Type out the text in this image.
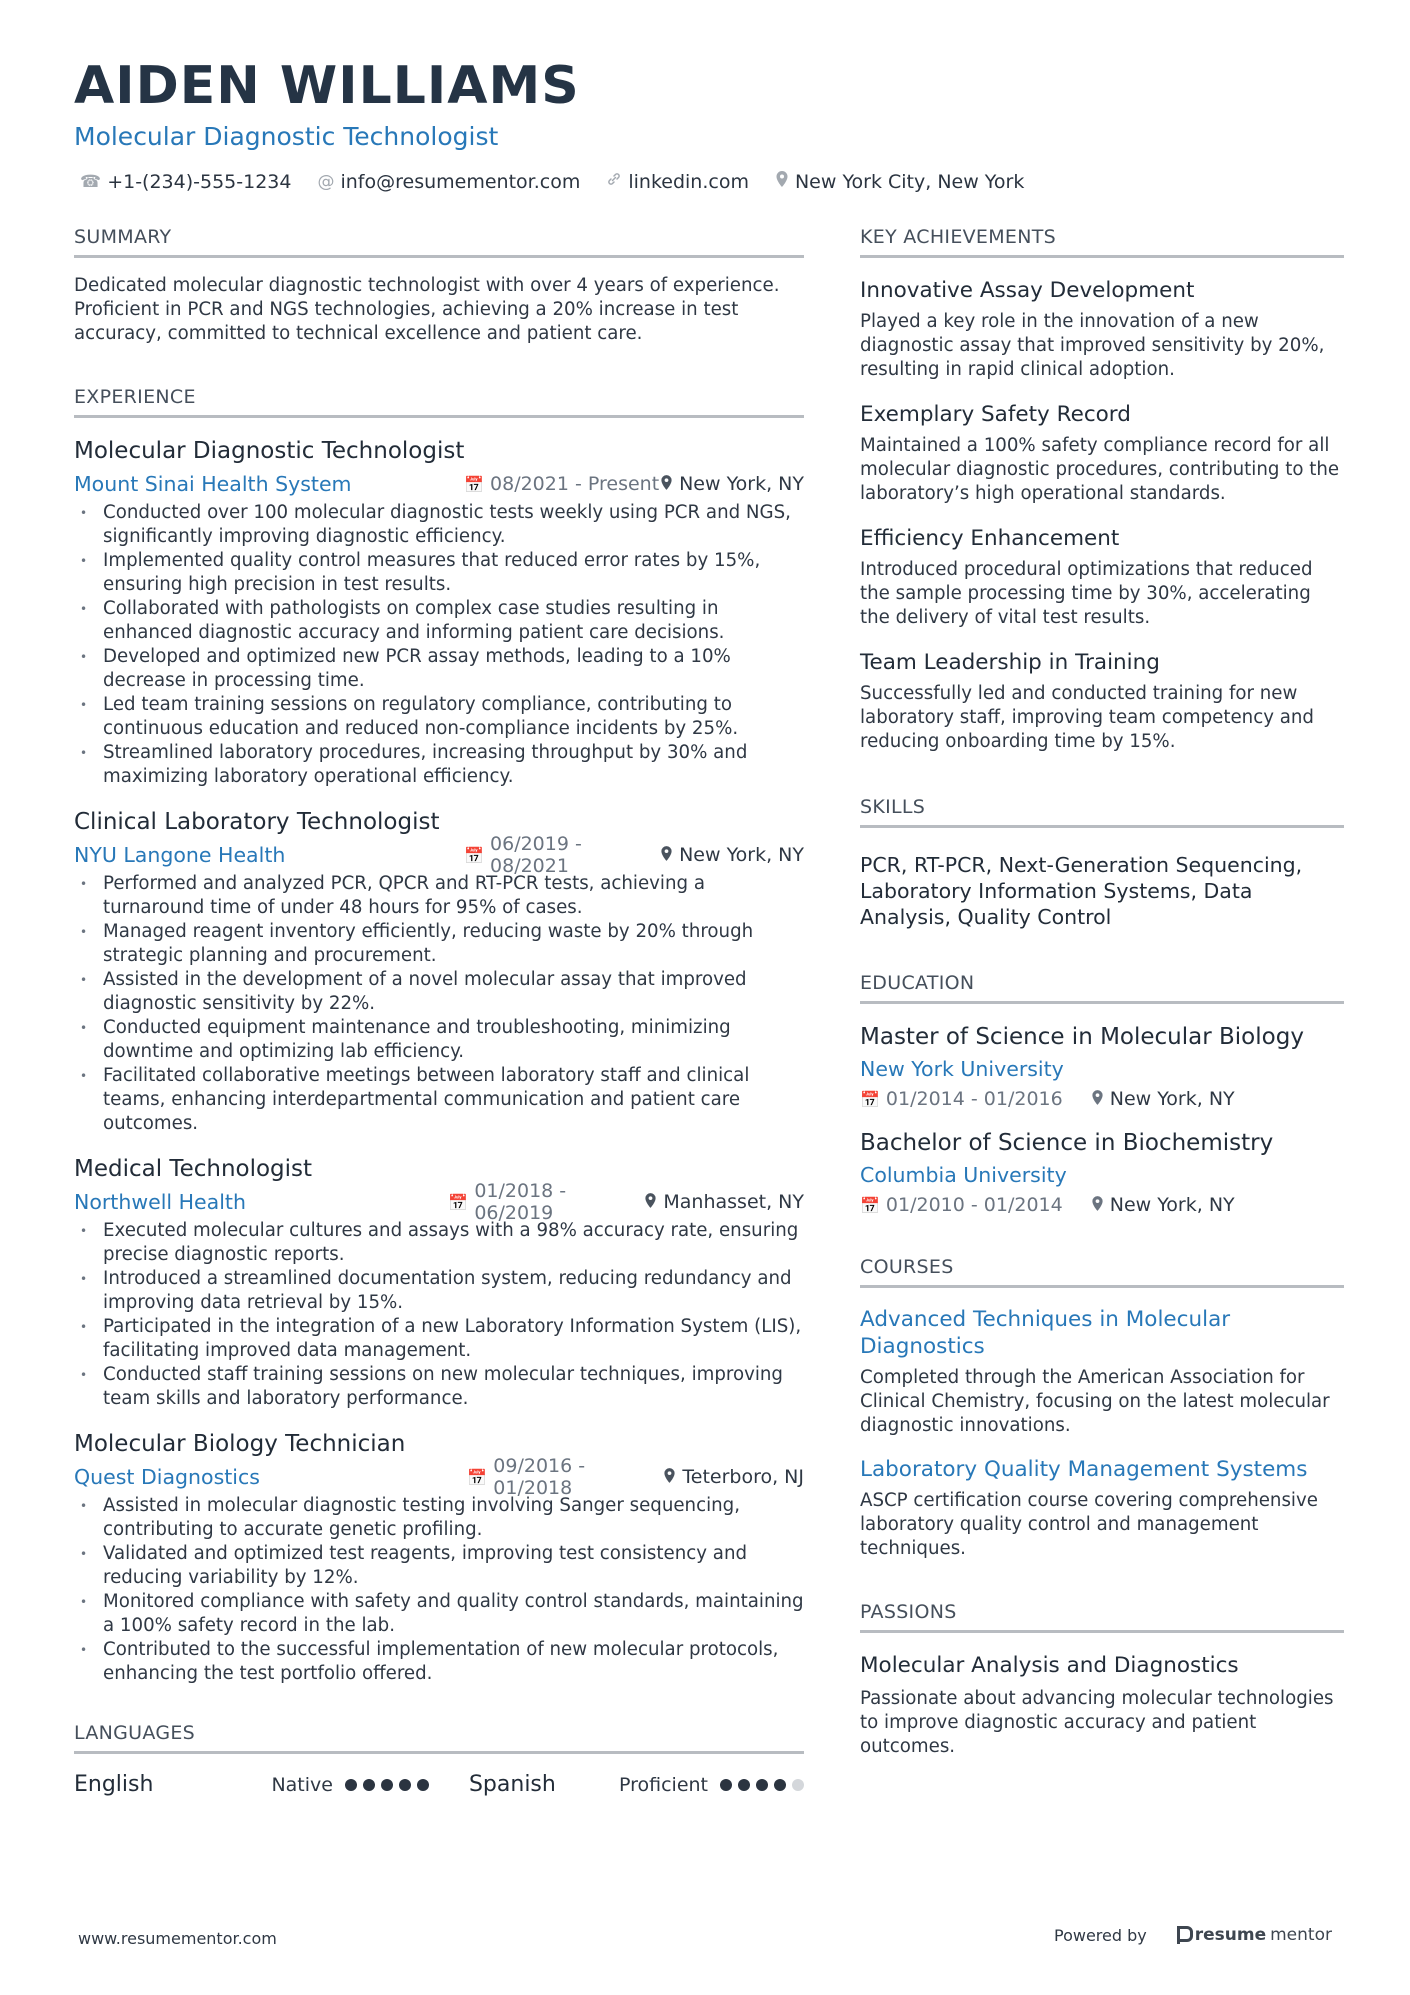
AIDEN WILLIAMS
Molecular Diagnostic Technologist
☎ +1-(234)-555-1234 @ info@resumementor.com	linkedin.com New York City, New York
SUMMARY
Dedicated molecular diagnostic technologist with over 4 years of experience. Proficient in PCR and NGS technologies, achieving a 20% increase in test accuracy, committed to technical excellence and patient care.
EXPERIENCE
Molecular Diagnostic Technologist
Mount Sinai Health System	📅 08/2021 - Present New York, NY
• Conducted over 100 molecular diagnostic tests weekly using PCR and NGS, significantly improving diagnostic efficiency.
• Implemented quality control measures that reduced error rates by 15%, ensuring high precision in test results.
• Collaborated with pathologists on complex case studies resulting in enhanced diagnostic accuracy and informing patient care decisions.
• Developed and optimized new PCR assay methods, leading to a 10% decrease in processing time.
• Led team training sessions on regulatory compliance, contributing to continuous education and reduced non-compliance incidents by 25%.
• Streamlined laboratory procedures, increasing throughput by 30% and maximizing laboratory operational efficiency.
Clinical Laboratory Technologist
NYU Langone Health	📅 06/2019 - 08/2021	New York, NY
• Performed and analyzed PCR, QPCR and RT-PCR tests, achieving a turnaround time of under 48 hours for 95% of cases.
• Managed reagent inventory efficiently, reducing waste by 20% through strategic planning and procurement.
• Assisted in the development of a novel molecular assay that improved diagnostic sensitivity by 22%.
• Conducted equipment maintenance and troubleshooting, minimizing downtime and optimizing lab efficiency.
• Facilitated collaborative meetings between laboratory staff and clinical teams, enhancing interdepartmental communication and patient care outcomes.
Medical Technologist
Northwell Health	📅 01/2018 - 06/2019	Manhasset, NY
• Executed molecular cultures and assays with a 98% accuracy rate, ensuring precise diagnostic reports.
• Introduced a streamlined documentation system, reducing redundancy and improving data retrieval by 15%.
• Participated in the integration of a new Laboratory Information System (LIS), facilitating improved data management.
• Conducted staff training sessions on new molecular techniques, improving team skills and laboratory performance.
Molecular Biology Technician
Quest Diagnostics	📅 09/2016 - 01/2018	Teterboro, NJ
• Assisted in molecular diagnostic testing involving Sanger sequencing, contributing to accurate genetic profiling.
• Validated and optimized test reagents, improving test consistency and reducing variability by 12%.
• Monitored compliance with safety and quality control standards, maintaining a 100% safety record in the lab.
• Contributed to the successful implementation of new molecular protocols, enhancing the test portfolio offered.
LANGUAGES
English	Native	Spanish	Proficient
KEY ACHIEVEMENTS
Innovative Assay Development
Played a key role in the innovation of a new diagnostic assay that improved sensitivity by 20%, resulting in rapid clinical adoption.
Exemplary Safety Record
Maintained a 100% safety compliance record for all molecular diagnostic procedures, contributing to the laboratory’s high operational standards.
Efficiency Enhancement
Introduced procedural optimizations that reduced the sample processing time by 30%, accelerating the delivery of vital test results.
Team Leadership in Training
Successfully led and conducted training for new laboratory staff, improving team competency and reducing onboarding time by 15%.
SKILLS
PCR, RT-PCR, Next-Generation Sequencing, Laboratory Information Systems, Data Analysis, Quality Control
EDUCATION
Master of Science in Molecular Biology
New York University
📅 01/2014 - 01/2016 New York, NY
Bachelor of Science in Biochemistry
Columbia University
📅 01/2010 - 01/2014 New York, NY
COURSES
Advanced Techniques in Molecular Diagnostics
Completed through the American Association for Clinical Chemistry, focusing on the latest molecular diagnostic innovations.
Laboratory Quality Management Systems
ASCP certification course covering comprehensive laboratory quality control and management techniques.
PASSIONS
Molecular Analysis and Diagnostics
Passionate about advancing molecular technologies to improve diagnostic accuracy and patient outcomes.
www.resumementor.com	Powered by	resume mentor
